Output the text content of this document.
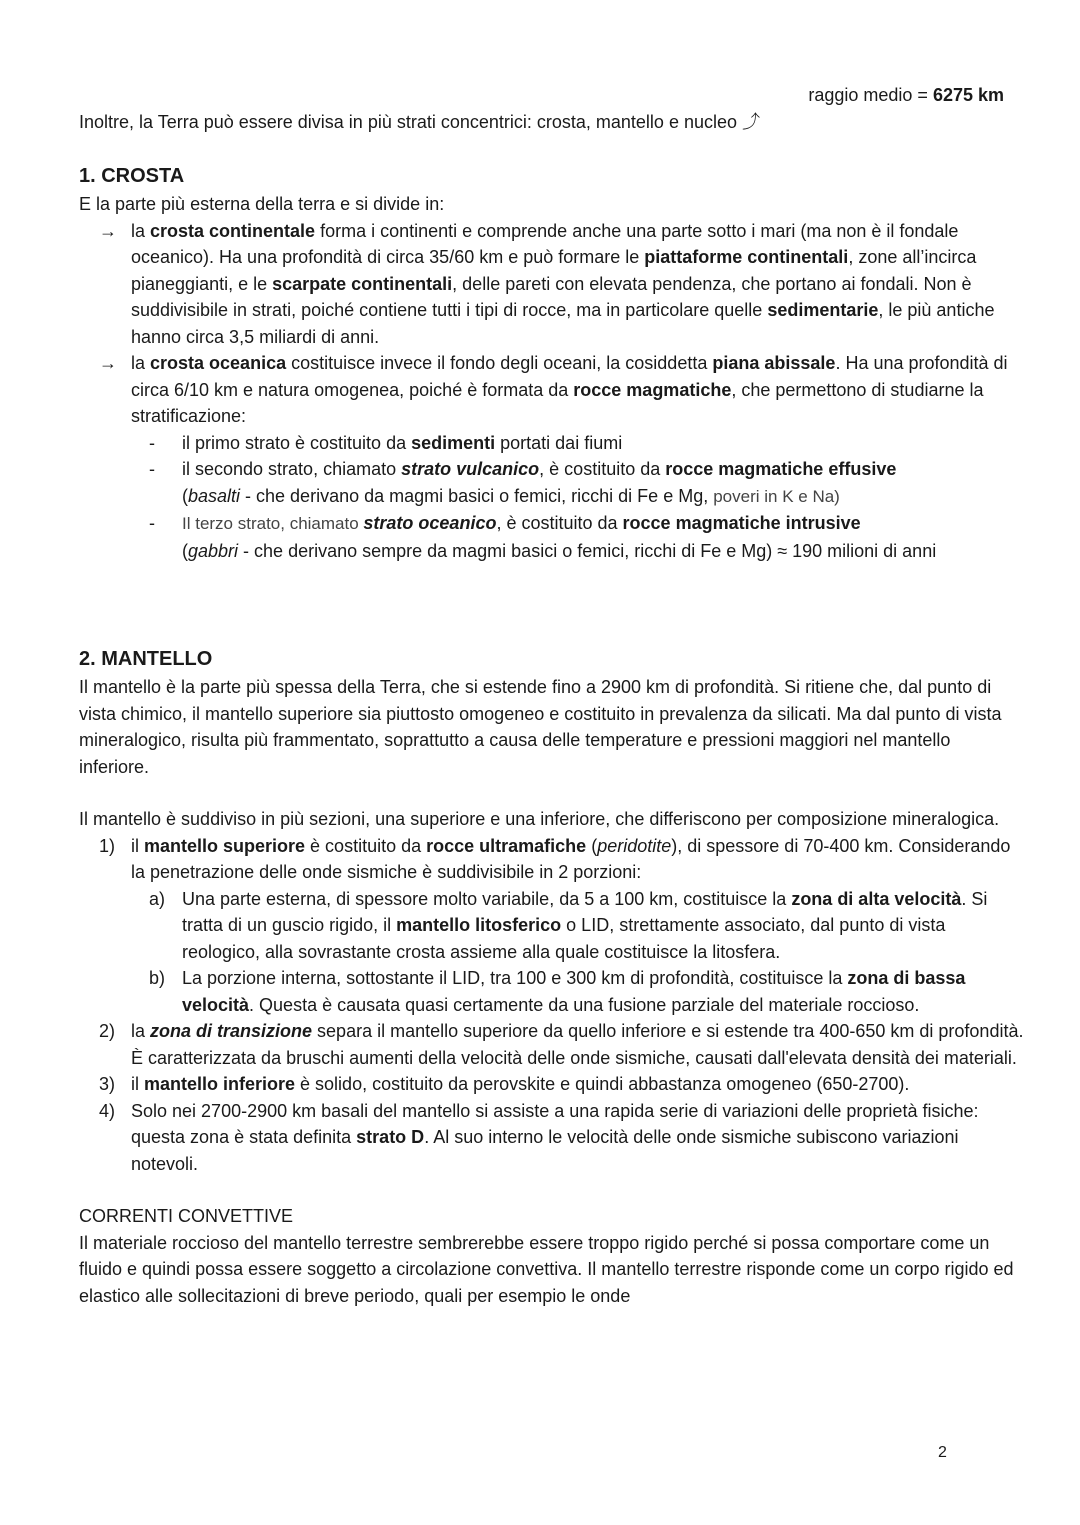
raggio medio = 6275 km

Inoltre, la Terra può essere divisa in più strati concentrici: crosta, mantello e nucleo ⤴

1. CROSTA

E la parte più esterna della terra e si divide in:

→ la crosta continentale forma i continenti e comprende anche una parte sotto i mari (ma non è il fondale oceanico). Ha una profondità di circa 35/60 km e può formare le piattaforme continentali, zone all’incirca pianeggianti, e le scarpate continentali, delle pareti con elevata pendenza, che portano ai fondali. Non è suddivisibile in strati, poiché contiene tutti i tipi di rocce, ma in particolare quelle sedimentarie, le più antiche hanno circa 3,5 miliardi di anni.
→ la crosta oceanica costituisce invece il fondo degli oceani, la cosiddetta piana abissale. Ha una profondità di circa 6/10 km e natura omogenea, poiché è formata da rocce magmatiche, che permettono di studiarne la stratificazione:
- il primo strato è costituito da sedimenti portati dai fiumi
- il secondo strato, chiamato strato vulcanico, è costituito da rocce magmatiche effusive
(basalti - che derivano da magmi basici o femici, ricchi di Fe e Mg, poveri in K e Na)
- Il terzo strato, chiamato strato oceanico, è costituito da rocce magmatiche intrusive
(gabbri - che derivano sempre da magmi basici o femici, ricchi di Fe e Mg) ≈ 190 milioni di anni
2. MANTELLO

Il mantello è la parte più spessa della Terra, che si estende fino a 2900 km di profondità. Si ritiene che, dal punto di vista chimico, il mantello superiore sia piuttosto omogeneo e costituito in prevalenza da silicati. Ma dal punto di vista mineralogico, risulta più frammentato, soprattutto a causa delle temperature e pressioni maggiori nel mantello inferiore.

Il mantello è suddiviso in più sezioni, una superiore e una inferiore, che differiscono per composizione mineralogica.

1) il mantello superiore è costituito da rocce ultramafiche (peridotite), di spessore di 70-400 km. Considerando la penetrazione delle onde sismiche è suddivisibile in 2 porzioni:
a) Una parte esterna, di spessore molto variabile, da 5 a 100 km, costituisce la zona di alta velocità. Si tratta di un guscio rigido, il mantello litosferico o LID, strettamente associato, dal punto di vista reologico, alla sovrastante crosta assieme alla quale costituisce la litosfera.
b) La porzione interna, sottostante il LID, tra 100 e 300 km di profondità, costituisce la zona di bassa velocità. Questa è causata quasi certamente da una fusione parziale del materiale roccioso.
2) la zona di transizione separa il mantello superiore da quello inferiore e si estende tra 400-650 km di profondità. È caratterizzata da bruschi aumenti della velocità delle onde sismiche, causati dall'elevata densità dei materiali.
3) il mantello inferiore è solido, costituito da perovskite e quindi abbastanza omogeneo (650-2700).
4) Solo nei 2700-2900 km basali del mantello si assiste a una rapida serie di variazioni delle proprietà fisiche: questa zona è stata definita strato D. Al suo interno le velocità delle onde sismiche subiscono variazioni notevoli.

CORRENTI CONVETTIVE

Il materiale roccioso del mantello terrestre sembrerebbe essere troppo rigido perché si possa comportare come un fluido e quindi possa essere soggetto a circolazione convettiva. Il mantello terrestre risponde come un corpo rigido ed elastico alle sollecitazioni di breve periodo, quali per esempio le onde

2
